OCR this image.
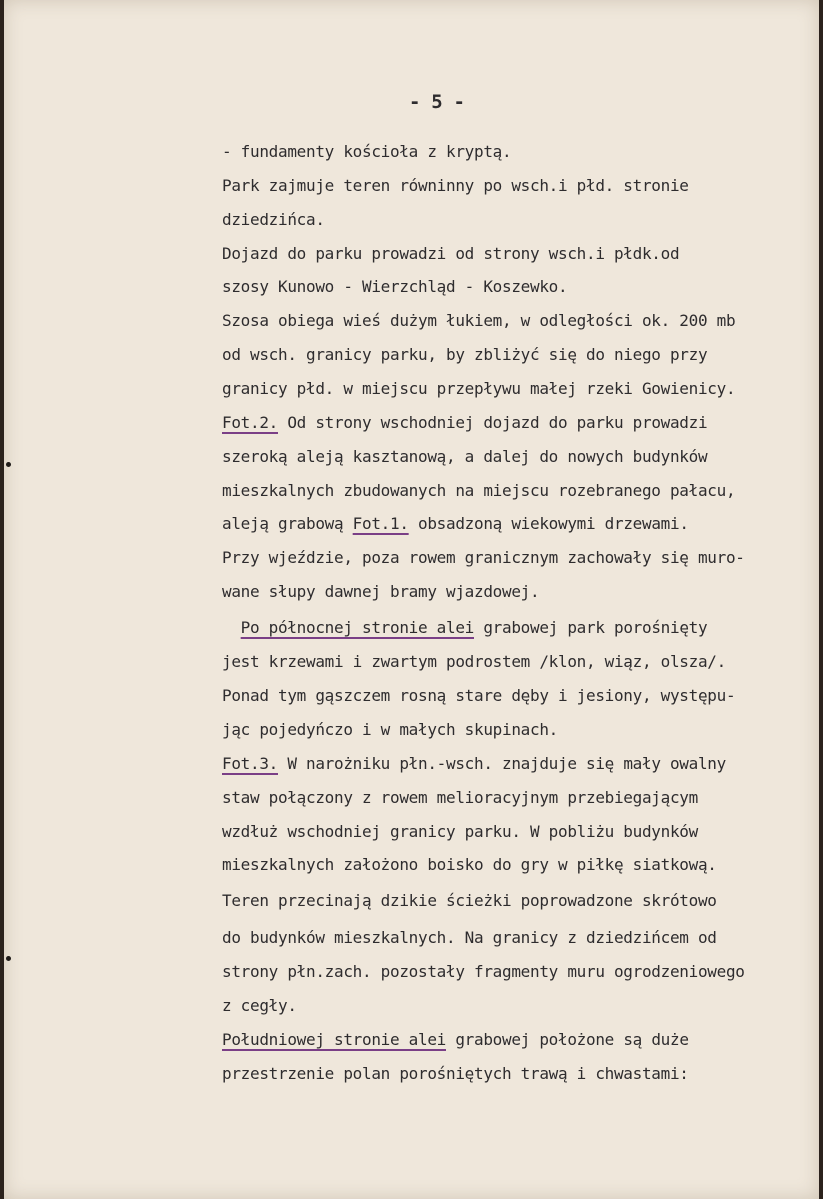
- 5 -
- fundamenty kościoła z kryptą.
Park zajmuje teren równinny po wsch.i płd. stronie
dziedzińca.
Dojazd do parku prowadzi od strony wsch.i płdk.od
szosy Kunowo - Wierzchląd - Koszewko.
Szosa obiega wieś dużym łukiem, w odległości ok. 200 mb
od wsch. granicy parku, by zbliżyć się do niego przy
granicy płd. w miejscu przepływu małej rzeki Gowienicy.
Fot.2. Od strony wschodniej dojazd do parku prowadzi
szeroką aleją kasztanową, a dalej do nowych budynków
mieszkalnych zbudowanych na miejscu rozebranego pałacu,
aleją grabową Fot.1. obsadzoną wiekowymi drzewami.
Przy wjeździe, poza rowem granicznym zachowały się muro-
wane słupy dawnej bramy wjazdowej.
Po północnej stronie alei grabowej park porośnięty
jest krzewami i zwartym podrostem /klon, wiąz, olsza/.
Ponad tym gąszczem rosną stare dęby i jesiony, występu-
jąc pojedyńczo i w małych skupinach.
Fot.3. W narożniku płn.-wsch. znajduje się mały owalny
staw połączony z rowem melioracyjnym przebiegającym
wzdłuż wschodniej granicy parku. W pobliżu budynków
mieszkalnych założono boisko do gry w piłkę siatkową.
Teren przecinają dzikie ścieżki poprowadzone skrótowo
do budynków mieszkalnych. Na granicy z dziedzińcem od
strony płn.zach. pozostały fragmenty muru ogrodzeniowego
z cegły.
Południowej stronie alei grabowej położone są duże
przestrzenie polan porośniętych trawą i chwastami:
